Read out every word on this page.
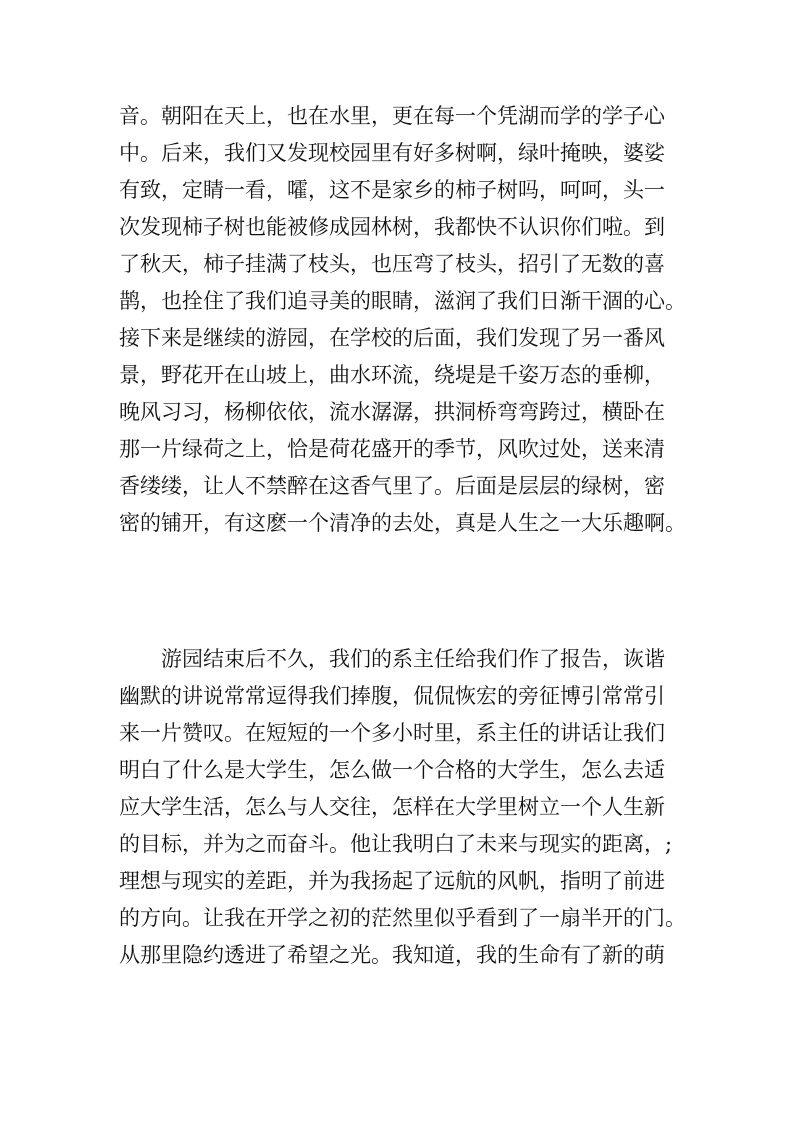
音。朝阳在天上，也在水里，更在每一个凭湖而学的学子心
中。后来，我们又发现校园里有好多树啊，绿叶掩映，婆娑
有致，定睛一看，嚯，这不是家乡的柿子树吗，呵呵，头一
次发现柿子树也能被修成园林树，我都快不认识你们啦。到
了秋天，柿子挂满了枝头，也压弯了枝头，招引了无数的喜
鹊，也拴住了我们追寻美的眼睛，滋润了我们日渐干涸的心。
接下来是继续的游园，在学校的后面，我们发现了另一番风
景，野花开在山坡上，曲水环流，绕堤是千姿万态的垂柳，
晚风习习，杨柳依依，流水潺潺，拱洞桥弯弯跨过，横卧在
那一片绿荷之上，恰是荷花盛开的季节，风吹过处，送来清
香缕缕，让人不禁醉在这香气里了。后面是层层的绿树，密
密的铺开，有这麽一个清净的去处，真是人生之一大乐趣啊。
　　游园结束后不久，我们的系主任给我们作了报告，诙谐
幽默的讲说常常逗得我们捧腹，侃侃恢宏的旁征博引常常引
来一片赞叹。在短短的一个多小时里，系主任的讲话让我们
明白了什么是大学生，怎么做一个合格的大学生，怎么去适
应大学生活，怎么与人交往，怎样在大学里树立一个人生新
的目标，并为之而奋斗。他让我明白了未来与现实的距离，;
理想与现实的差距，并为我扬起了远航的风帆，指明了前进
的方向。让我在开学之初的茫然里似乎看到了一扇半开的门。
从那里隐约透进了希望之光。我知道，我的生命有了新的萌
